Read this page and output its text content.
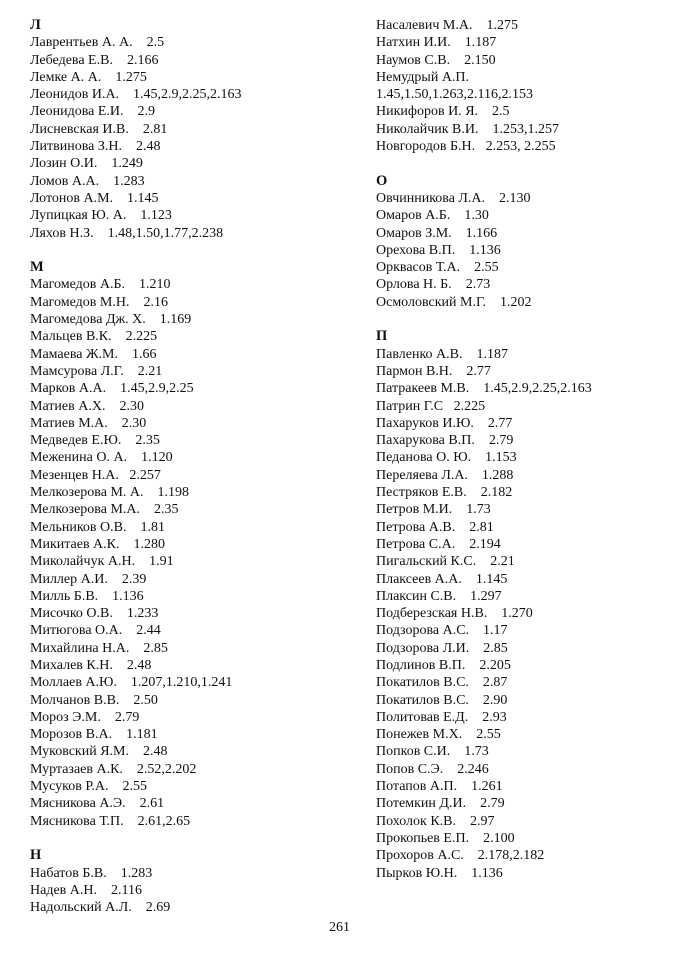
Л
Лаврентьев А. А.    2.5
Лебедева Е.В.    2.166
Лемке А. А.    1.275
Леонидов И.А.    1.45,2.9,2.25,2.163
Леонидова Е.И.    2.9
Лисневская И.В.    2.81
Литвинова З.Н.    2.48
Лозин О.И.    1.249
Ломов А.А.    1.283
Лотонов А.М.    1.145
Лупицкая Ю. А.    1.123
Ляхов Н.З.    1.48,1.50,1.77,2.238
М
Магомедов А.Б.    1.210
Магомедов М.Н.    2.16
Магомедова Дж. Х.    1.169
Мальцев В.К.    2.225
Мамаева Ж.М.    1.66
Мамсурова Л.Г.    2.21
Марков А.А.    1.45,2.9,2.25
Матиев А.Х.    2.30
Матиев М.А.    2.30
Медведев Е.Ю.    2.35
Меженина О. А.    1.120
Мезенцев Н.А.   2.257
Мелкозерова М. А.    1.198
Мелкозерова М.А.    2.35
Мельников О.В.    1.81
Микитаев А.К.    1.280
Миколайчук А.Н.    1.91
Миллер А.И.    2.39
Милль Б.В.    1.136
Мисочко О.В.    1.233
Митюгова О.А.    2.44
Михайлина Н.А.    2.85
Михалев К.Н.    2.48
Моллаев А.Ю.    1.207,1.210,1.241
Молчанов В.В.    2.50
Мороз Э.М.    2.79
Морозов В.А.    1.181
Муковский Я.М.    2.48
Муртазаев А.К.    2.52,2.202
Мусуков Р.А.    2.55
Мясникова А.Э.    2.61
Мясникова Т.П.    2.61,2.65
Н
Набатов Б.В.    1.283
Надев А.Н.    2.116
Надольский А.Л.    2.69
Насалевич М.А.    1.275
Натхин И.И.    1.187
Наумов С.В.    2.150
Немудрый А.П.
1.45,1.50,1.263,2.116,2.153
Никифоров И. Я.    2.5
Николайчик В.И.    1.253,1.257
Новгородов Б.Н.   2.253, 2.255
О
Овчинникова Л.А.    2.130
Омаров А.Б.    1.30
Омаров З.М.    1.166
Орехова В.П.    1.136
Орквасов Т.А.    2.55
Орлова Н. Б.    2.73
Осмоловский М.Г.    1.202
П
Павленко А.В.    1.187
Пармон В.Н.    2.77
Патракеев М.В.    1.45,2.9,2.25,2.163
Патрин Г.С   2.225
Пахаруков И.Ю.    2.77
Пахарукова В.П.    2.79
Педанова О. Ю.    1.153
Переляева Л.А.    1.288
Пестряков Е.В.    2.182
Петров М.И.    1.73
Петрова А.В.    2.81
Петрова С.А.    2.194
Пигальский К.С.    2.21
Плаксеев А.А.    1.145
Плаксин С.В.    1.297
Подберезская Н.В.    1.270
Подзорова А.С.    1.17
Подзорова Л.И.    2.85
Подлинов В.П.    2.205
Покатилов В.С.    2.87
Покатилов В.С.    2.90
Политовав Е.Д.    2.93
Понежев М.Х.    2.55
Попков С.И.    1.73
Попов С.Э.    2.246
Потапов А.П.    1.261
Потемкин Д.И.    2.79
Похолок К.В.    2.97
Прокопьев Е.П.    2.100
Прохоров А.С.    2.178,2.182
Пырков Ю.Н.    1.136
261
